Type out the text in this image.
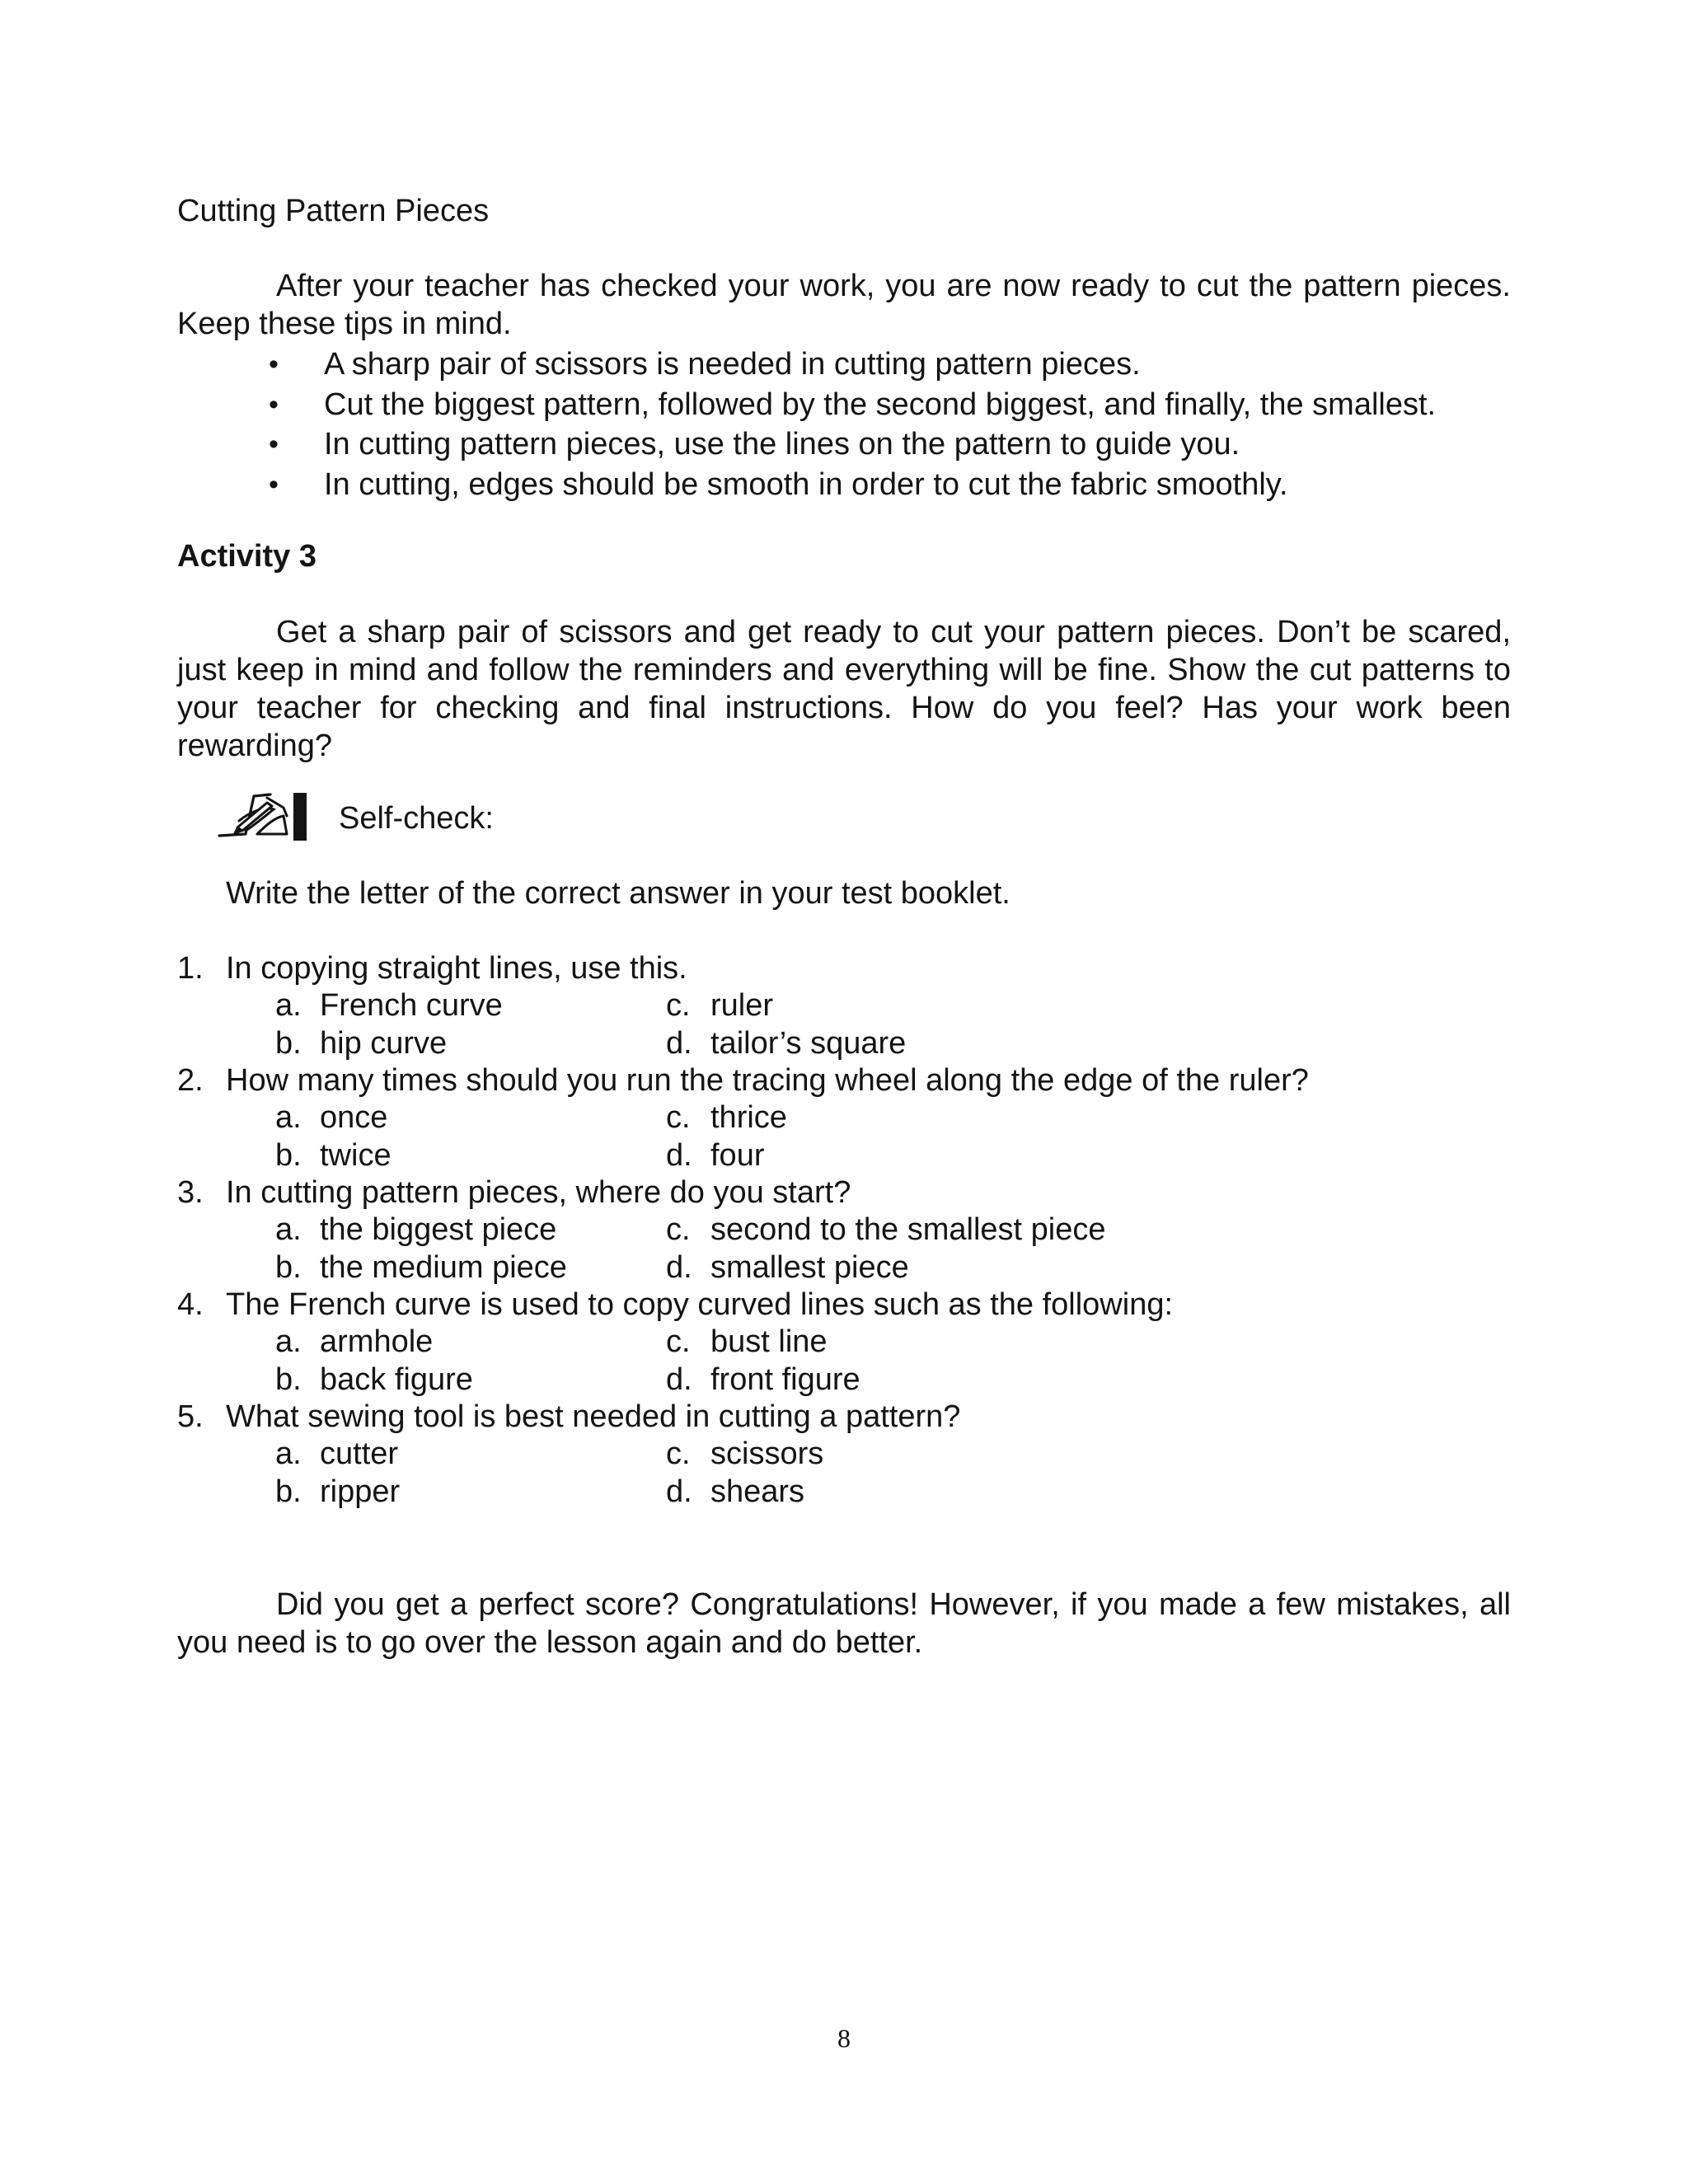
Cutting Pattern Pieces
After your teacher has checked your work, you are now ready to cut the pattern pieces. Keep these tips in mind.
• A sharp pair of scissors is needed in cutting pattern pieces.
• Cut the biggest pattern, followed by the second biggest, and finally, the smallest.
• In cutting pattern pieces, use the lines on the pattern to guide you.
• In cutting, edges should be smooth in order to cut the fabric smoothly.
Activity 3
Get a sharp pair of scissors and get ready to cut your pattern pieces. Don’t be scared, just keep in mind and follow the reminders and everything will be fine. Show the cut patterns to your teacher for checking and final instructions. How do you feel? Has your work been rewarding?
Self-check:
Write the letter of the correct answer in your test booklet.
1. In copying straight lines, use this.
a. French curve
b. hip curve
c. ruler
d. tailor’s square
2. How many times should you run the tracing wheel along the edge of the ruler?
a. once
b. twice
c. thrice
d. four
3. In cutting pattern pieces, where do you start?
a. the biggest piece
b. the medium piece
c. second to the smallest piece
d. smallest piece
4. The French curve is used to copy curved lines such as the following:
a. armhole
b. back figure
c. bust line
d. front figure
5. What sewing tool is best needed in cutting a pattern?
a. cutter
b. ripper
c. scissors
d. shears
Did you get a perfect score? Congratulations! However, if you made a few mistakes, all you need is to go over the lesson again and do better.
8
